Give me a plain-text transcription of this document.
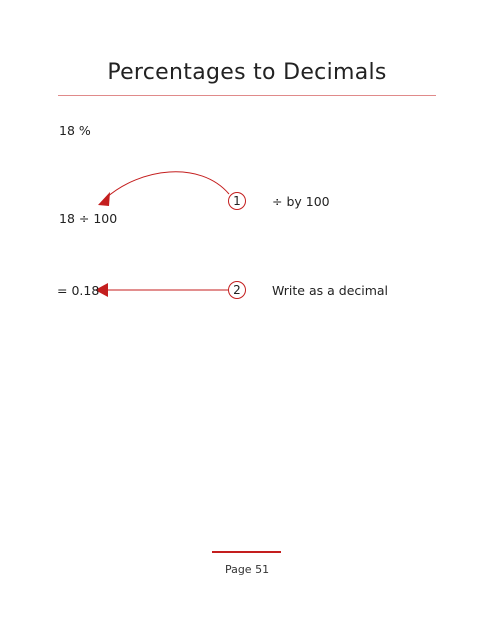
Percentages to Decimals
18 %
1	÷ by 100
18 ÷ 100
2	Write as a decimal
= 0.18
Page 51
